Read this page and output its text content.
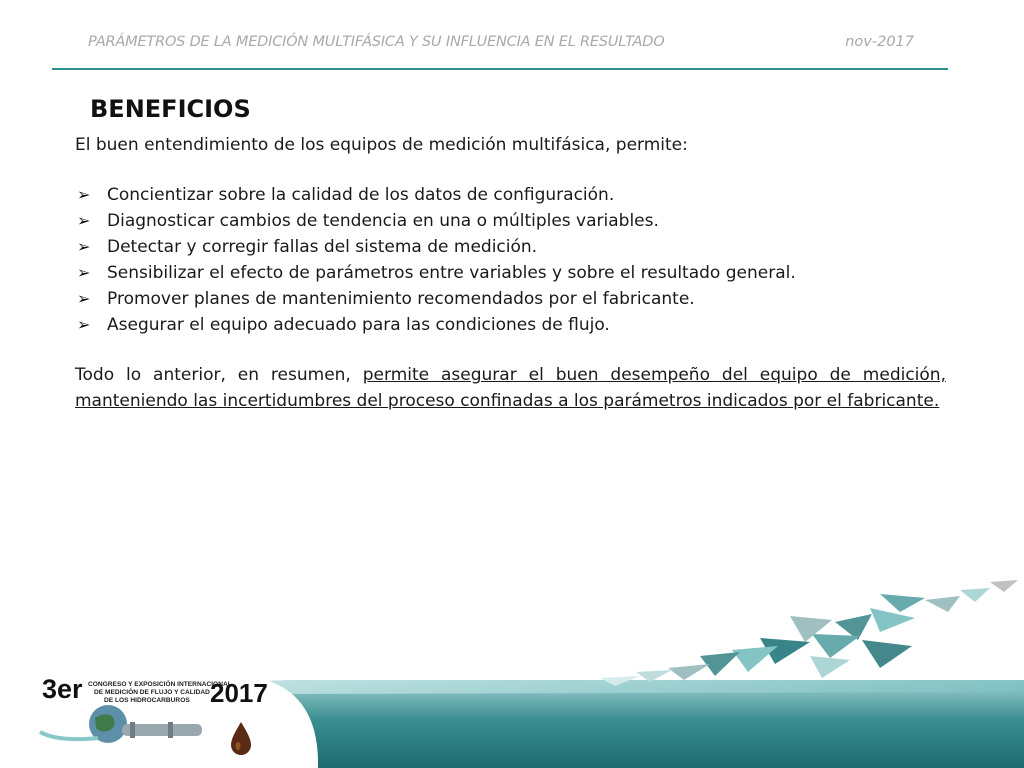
PARÁMETROS DE LA MEDICIÓN MULTIFÁSICA Y SU INFLUENCIA EN EL RESULTADO	nov-2017
BENEFICIOS

El buen entendimiento de los equipos de medición multifásica, permite:

➢ Concientizar sobre la calidad de los datos de configuración.
➢ Diagnosticar cambios de tendencia en una o múltiples variables.
➢ Detectar y corregir fallas del sistema de medición.
➢ Sensibilizar el efecto de parámetros entre variables y sobre el resultado general.
➢ Promover planes de mantenimiento recomendados por el fabricante.
➢ Asegurar el equipo adecuado para las condiciones de flujo.

Todo lo anterior, en resumen, permite asegurar el buen desempeño del equipo de medición, manteniendo las incertidumbres del proceso confinadas a los parámetros indicados por el fabricante.

3er CONGRESO Y EXPOSICIÓN INTERNACIONAL
DE MEDICIÓN DE FLUJO Y CALIDAD
DE LOS HIDROCARBUROS 2017
